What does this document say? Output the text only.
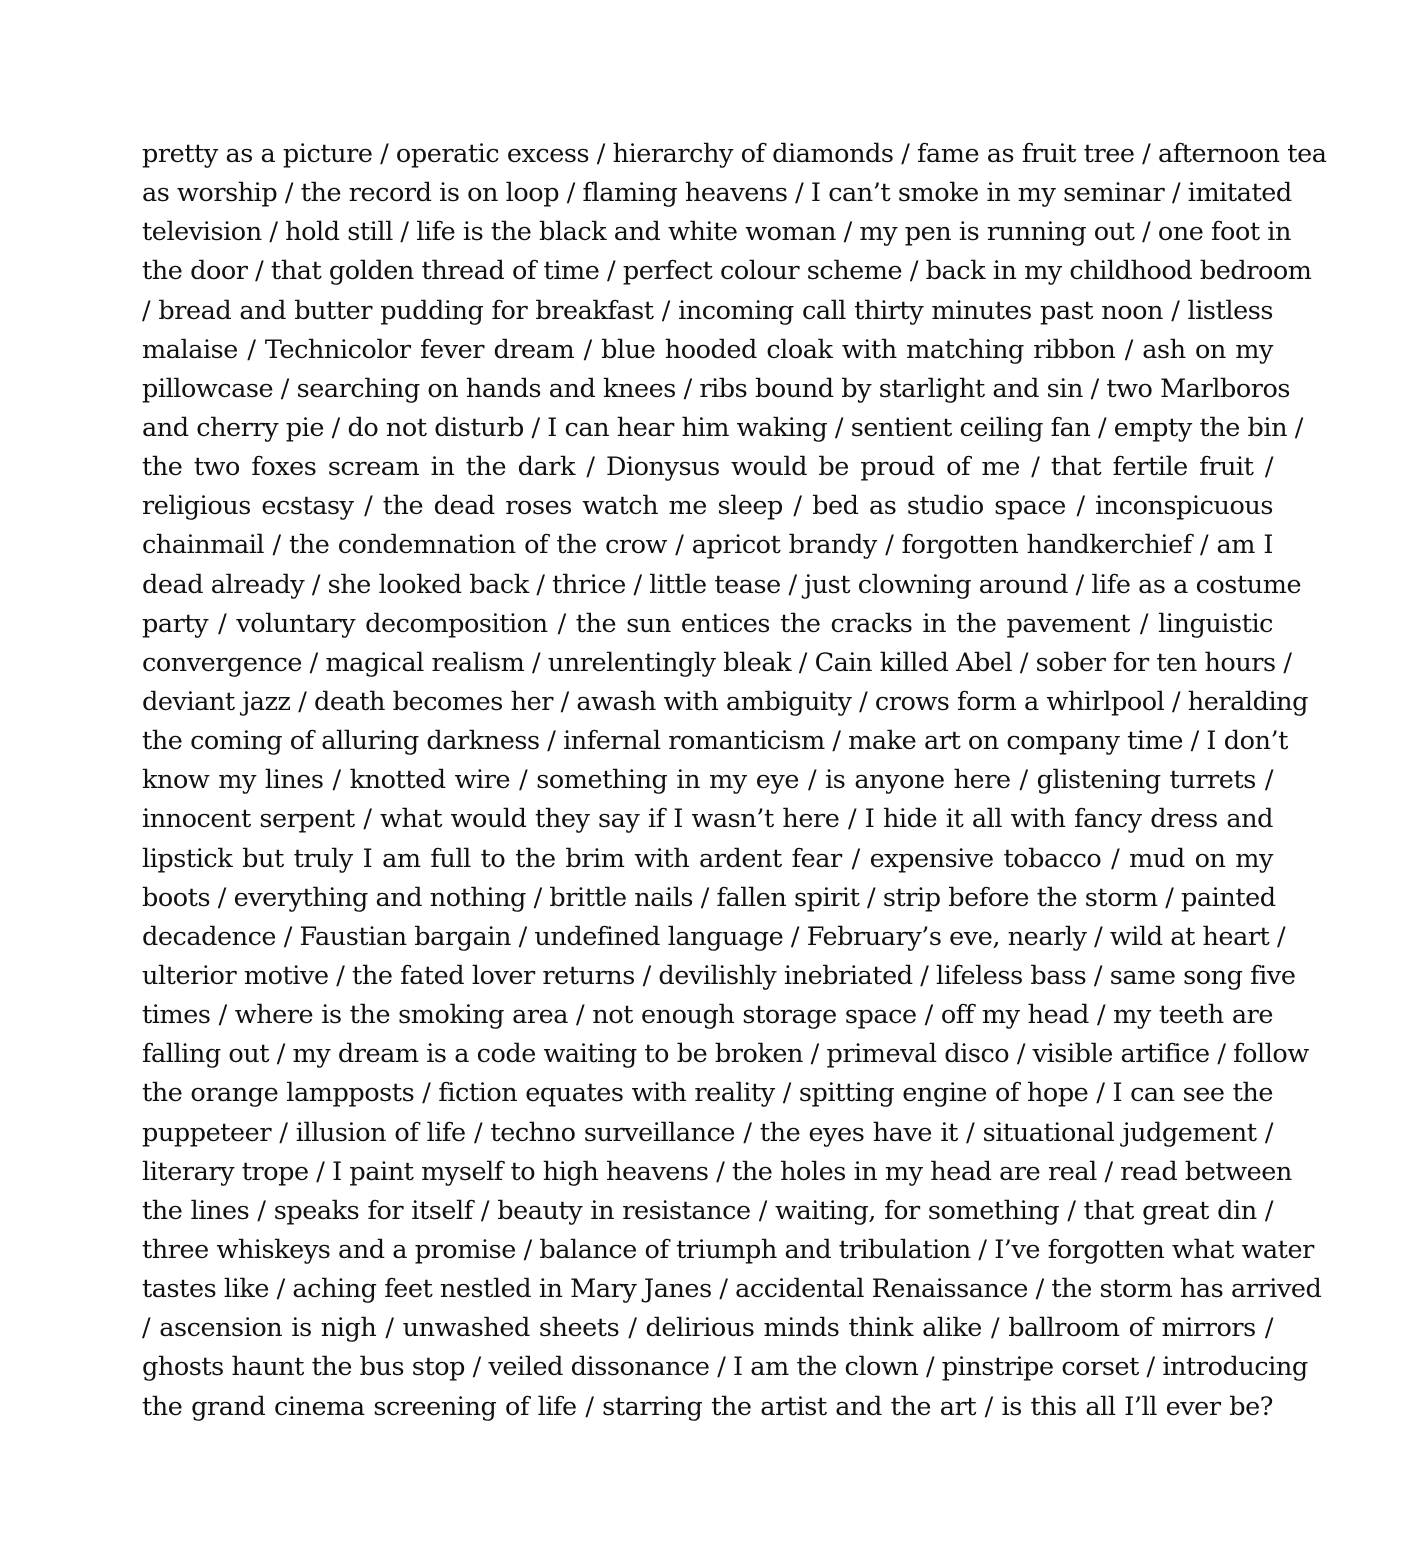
pretty as a picture / operatic excess / hierarchy of diamonds / fame as fruit tree / afternoon tea
as worship / the record is on loop / flaming heavens / I can’t smoke in my seminar / imitated
television / hold still / life is the black and white woman / my pen is running out / one foot in
the door / that golden thread of time / perfect colour scheme / back in my childhood bedroom
/ bread and butter pudding for breakfast / incoming call thirty minutes past noon / listless
malaise / Technicolor fever dream / blue hooded cloak with matching ribbon / ash on my
pillowcase / searching on hands and knees / ribs bound by starlight and sin / two Marlboros
and cherry pie / do not disturb / I can hear him waking / sentient ceiling fan / empty the bin /
the two foxes scream in the dark / Dionysus would be proud of me / that fertile fruit /
religious ecstasy / the dead roses watch me sleep / bed as studio space / inconspicuous
chainmail / the condemnation of the crow / apricot brandy / forgotten handkerchief / am I
dead already / she looked back / thrice / little tease / just clowning around / life as a costume
party / voluntary decomposition / the sun entices the cracks in the pavement / linguistic
convergence / magical realism / unrelentingly bleak / Cain killed Abel / sober for ten hours /
deviant jazz / death becomes her / awash with ambiguity / crows form a whirlpool / heralding
the coming of alluring darkness / infernal romanticism / make art on company time / I don’t
know my lines / knotted wire / something in my eye / is anyone here / glistening turrets /
innocent serpent / what would they say if I wasn’t here / I hide it all with fancy dress and
lipstick but truly I am full to the brim with ardent fear / expensive tobacco / mud on my
boots / everything and nothing / brittle nails / fallen spirit / strip before the storm / painted
decadence / Faustian bargain / undefined language / February’s eve, nearly / wild at heart /
ulterior motive / the fated lover returns / devilishly inebriated / lifeless bass / same song five
times / where is the smoking area / not enough storage space / off my head / my teeth are
falling out / my dream is a code waiting to be broken / primeval disco / visible artifice / follow
the orange lampposts / fiction equates with reality / spitting engine of hope / I can see the
puppeteer / illusion of life / techno surveillance / the eyes have it / situational judgement /
literary trope / I paint myself to high heavens / the holes in my head are real / read between
the lines / speaks for itself / beauty in resistance / waiting, for something / that great din /
three whiskeys and a promise / balance of triumph and tribulation / I’ve forgotten what water
tastes like / aching feet nestled in Mary Janes / accidental Renaissance / the storm has arrived
/ ascension is nigh / unwashed sheets / delirious minds think alike / ballroom of mirrors /
ghosts haunt the bus stop / veiled dissonance / I am the clown / pinstripe corset / introducing
the grand cinema screening of life / starring the artist and the art / is this all I’ll ever be?
